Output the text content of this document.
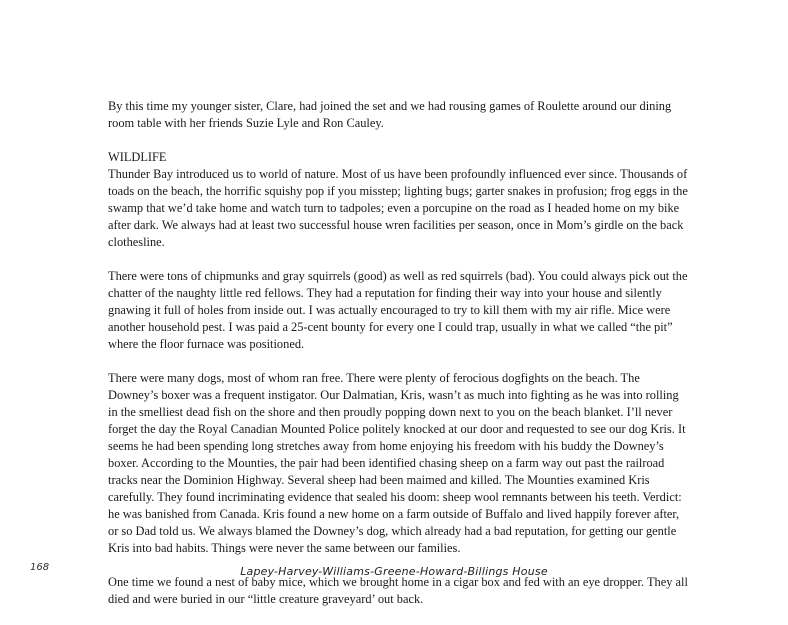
By this time my younger sister, Clare, had joined the set and we had rousing games of Roulette around our dining room table with her friends Suzie Lyle and Ron Cauley.

WILDLIFE
Thunder Bay introduced us to world of nature. Most of us have been profoundly influenced ever since. Thousands of toads on the beach, the horrific squishy pop if you misstep; lighting bugs; garter snakes in profusion; frog eggs in the swamp that we’d take home and watch turn to tadpoles; even a porcupine on the road as I headed home on my bike after dark. We always had at least two successful house wren facilities per season, once in Mom’s girdle on the back clothesline.

There were tons of chipmunks and gray squirrels (good) as well as red squirrels (bad). You could always pick out the chatter of the naughty little red fellows. They had a reputation for finding their way into your house and silently gnawing it full of holes from inside out. I was actually encouraged to try to kill them with my air rifle. Mice were another household pest. I was paid a 25-cent bounty for every one I could trap, usually in what we called “the pit” where the floor furnace was positioned.

There were many dogs, most of whom ran free. There were plenty of ferocious dogfights on the beach. The Downey’s boxer was a frequent instigator. Our Dalmatian, Kris, wasn’t as much into fighting as he was into rolling in the smelliest dead fish on the shore and then proudly popping down next to you on the beach blanket. I’ll never forget the day the Royal Canadian Mounted Police politely knocked at our door and requested to see our dog Kris. It seems he had been spending long stretches away from home enjoying his freedom with his buddy the Downey’s boxer. According to the Mounties, the pair had been identified chasing sheep on a farm way out past the railroad tracks near the Dominion Highway. Several sheep had been maimed and killed. The Mounties examined Kris carefully. They found incriminating evidence that sealed his doom: sheep wool remnants between his teeth. Verdict: he was banished from Canada. Kris found a new home on a farm outside of Buffalo and lived happily forever after, or so Dad told us. We always blamed the Downey’s dog, which already had a bad reputation, for getting our gentle Kris into bad habits. Things were never the same between our families.

One time we found a nest of baby mice, which we brought home in a cigar box and fed with an eye dropper. They all died and were buried in our “little creature graveyard’ out back.

168	Lapey-Harvey-Williams-Greene-Howard-Billings House
